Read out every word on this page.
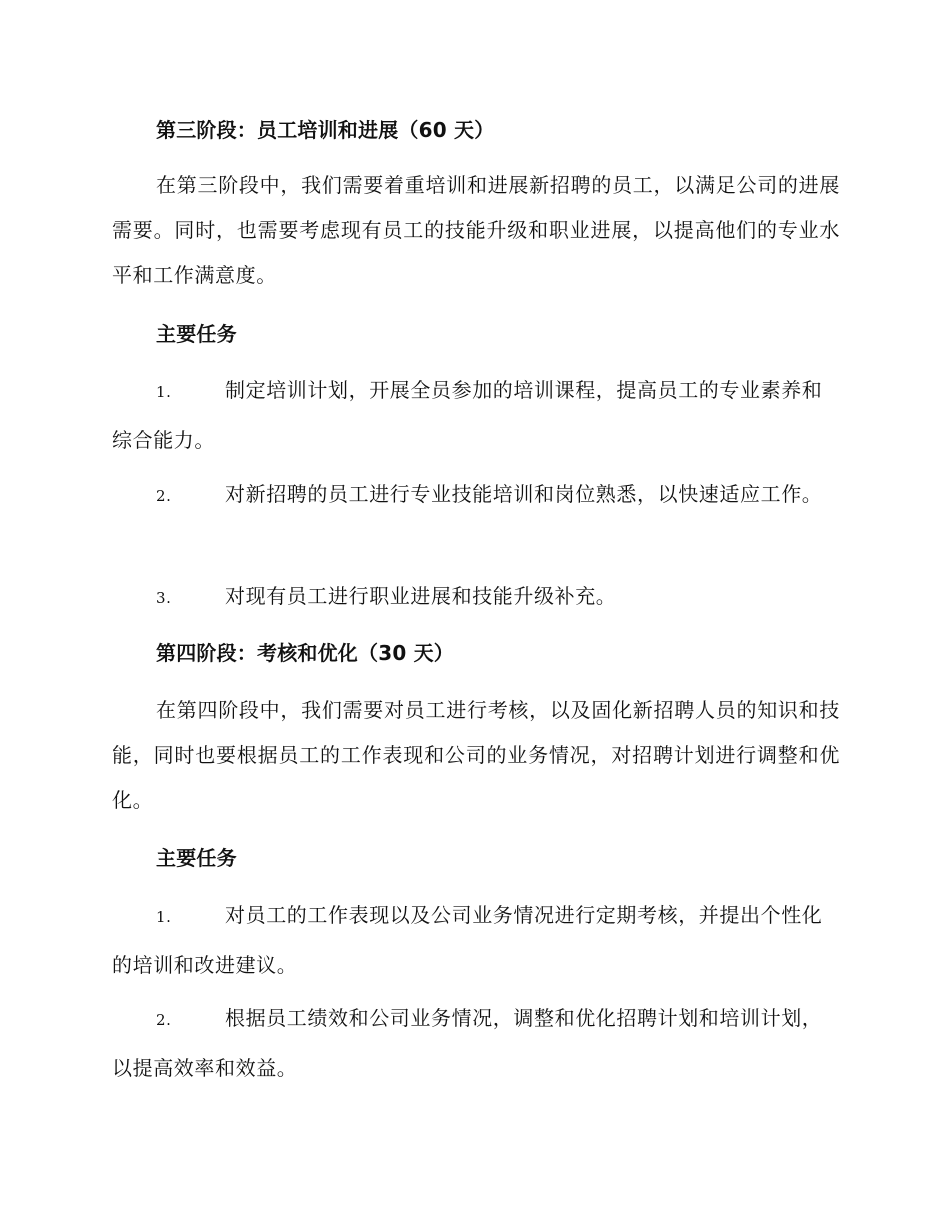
第三阶段：员工培训和进展（60 天）

在第三阶段中，我们需要着重培训和进展新招聘的员工，以满足公司的进展需要。同时，也需要考虑现有员工的技能升级和职业进展，以提高他们的专业水平和工作满意度。

主要任务

1.	制定培训计划，开展全员参加的培训课程，提高员工的专业素养和综合能力。

2.	对新招聘的员工进行专业技能培训和岗位熟悉，以快速适应工作。

3.	对现有员工进行职业进展和技能升级补充。

第四阶段：考核和优化（30 天）

在第四阶段中，我们需要对员工进行考核，以及固化新招聘人员的知识和技能，同时也要根据员工的工作表现和公司的业务情况，对招聘计划进行调整和优化。

主要任务

1.	对员工的工作表现以及公司业务情况进行定期考核，并提出个性化的培训和改进建议。

2.	根据员工绩效和公司业务情况，调整和优化招聘计划和培训计划，以提高效率和效益。
